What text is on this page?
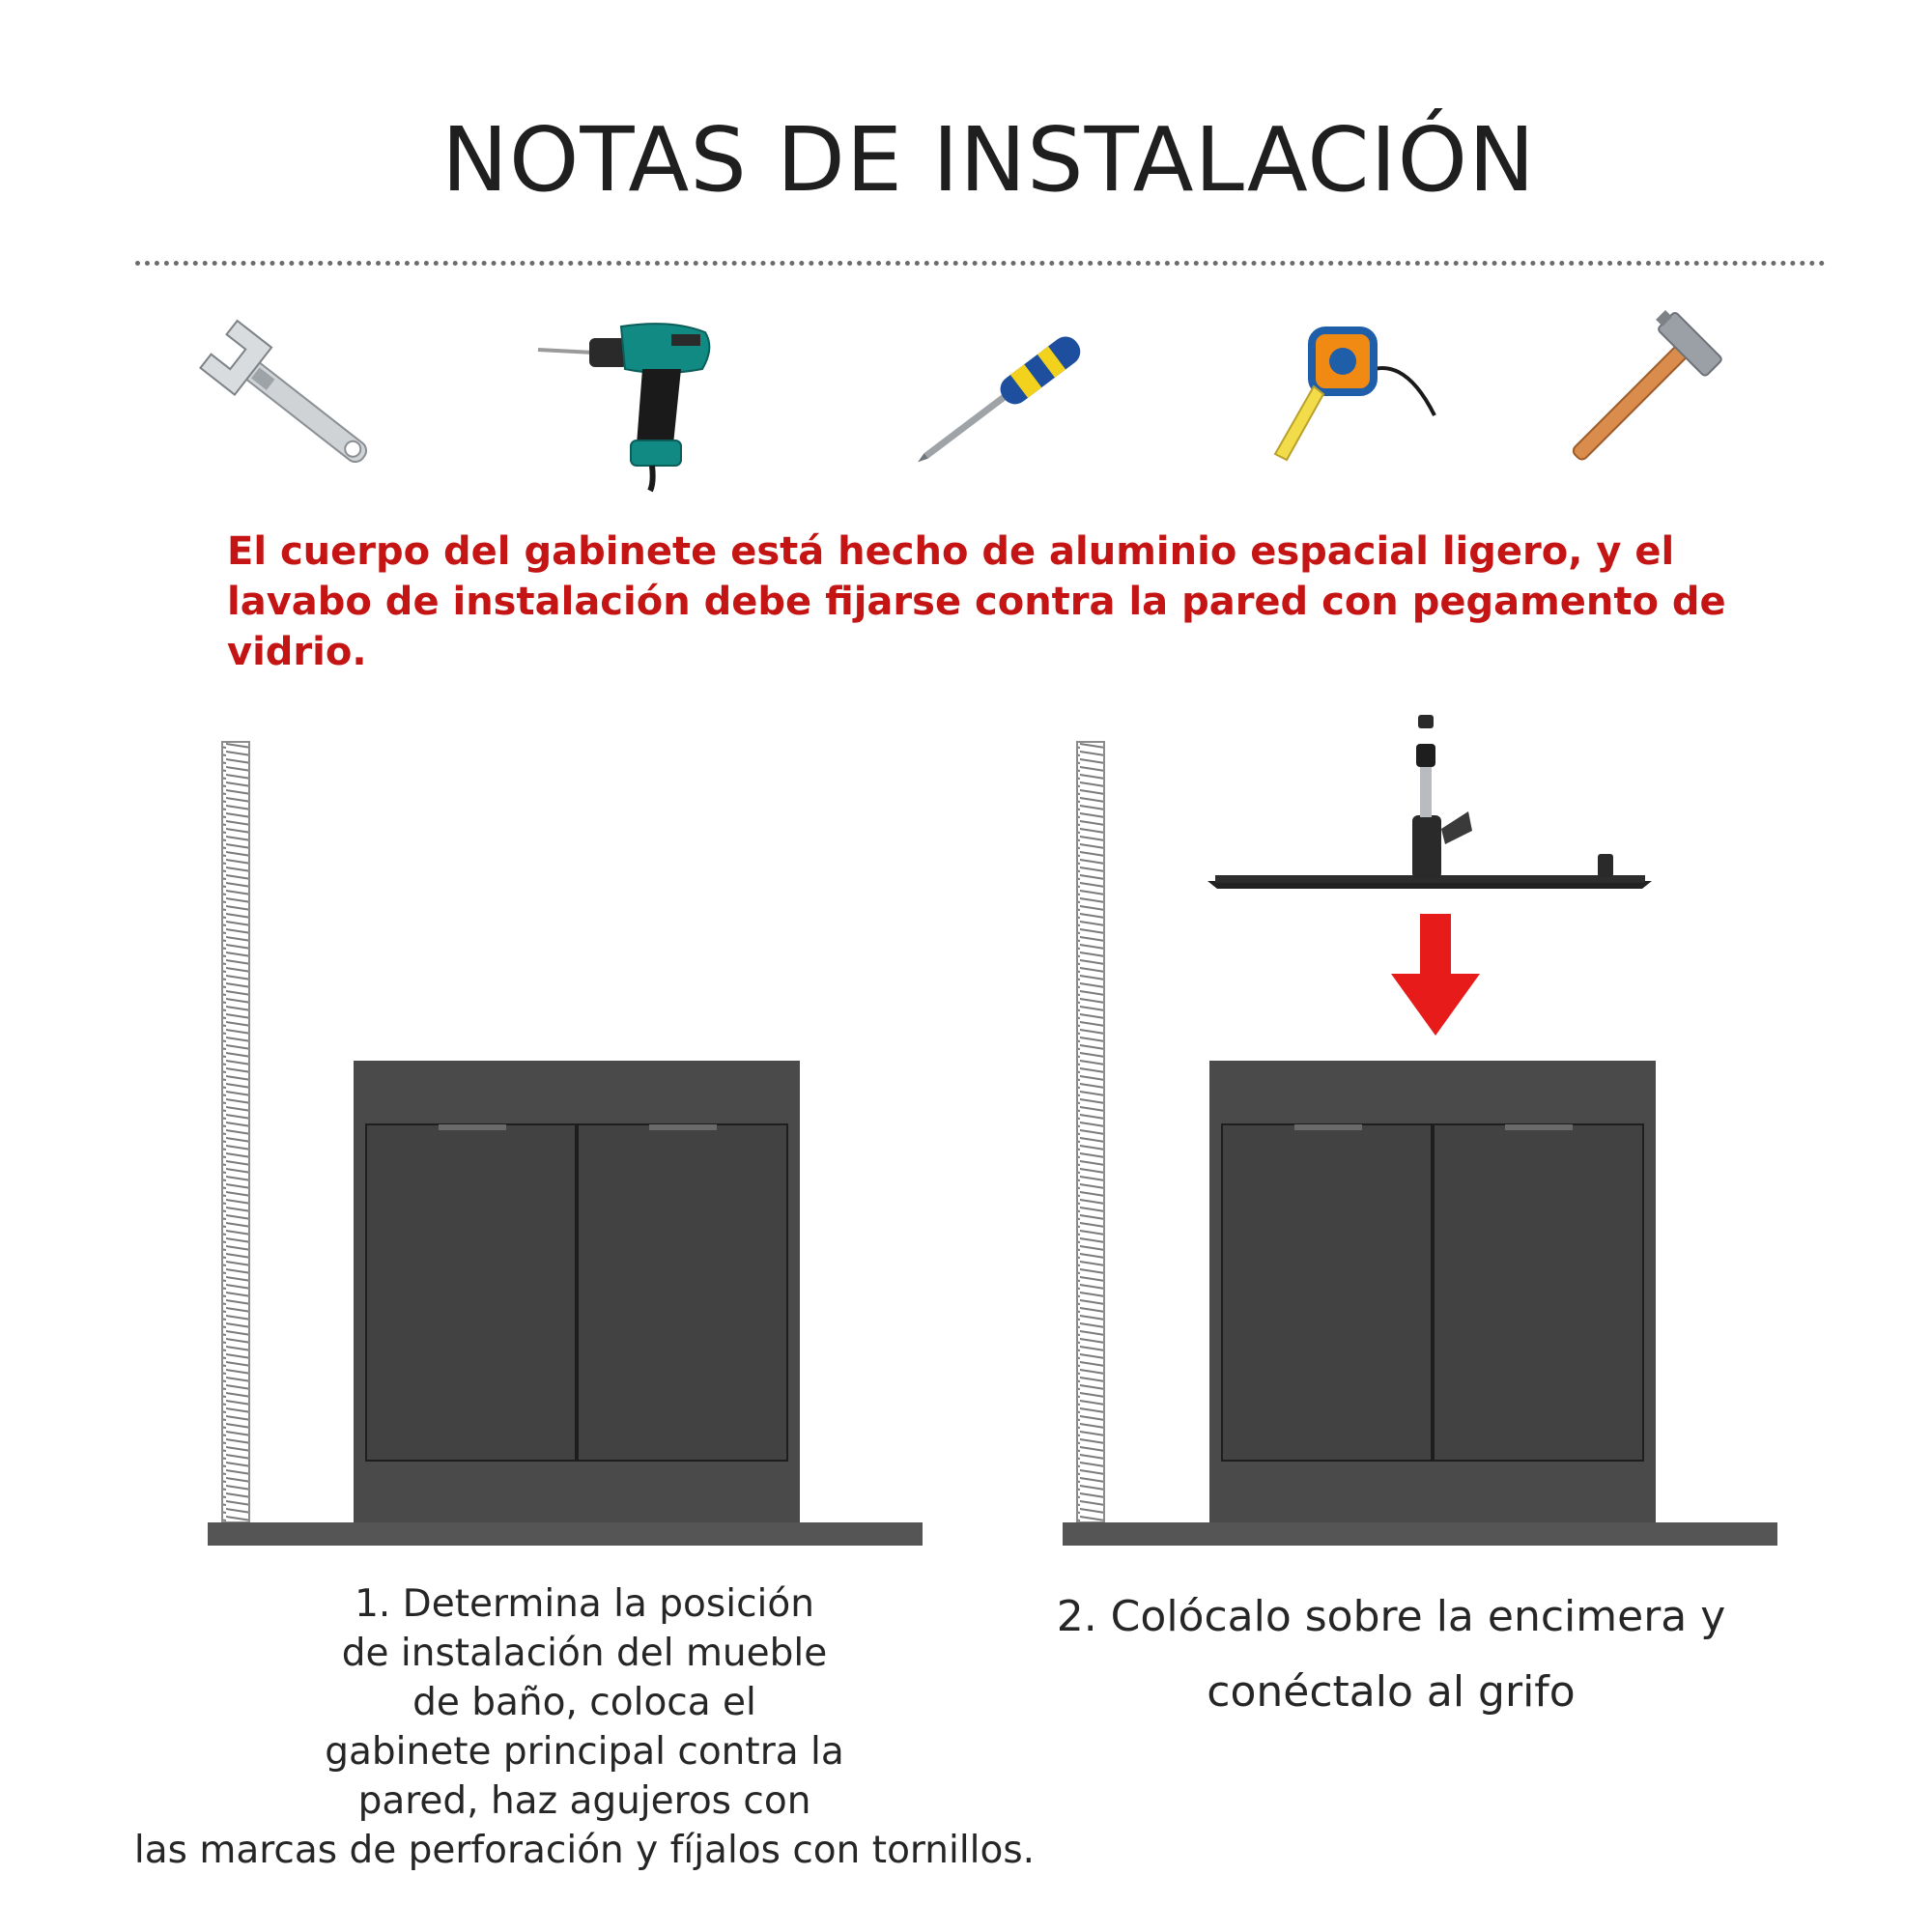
NOTAS DE INSTALACIÓN
El cuerpo del gabinete está hecho de aluminio espacial ligero, y el lavabo de instalación debe fijarse contra la pared con pegamento de vidrio.
1. Determina la posición
de instalación del mueble
de baño, coloca el
gabinete principal contra la
pared, haz agujeros con
las marcas de perforación y fíjalos con tornillos.
2. Colócalo sobre la encimera y
conéctalo al grifo
